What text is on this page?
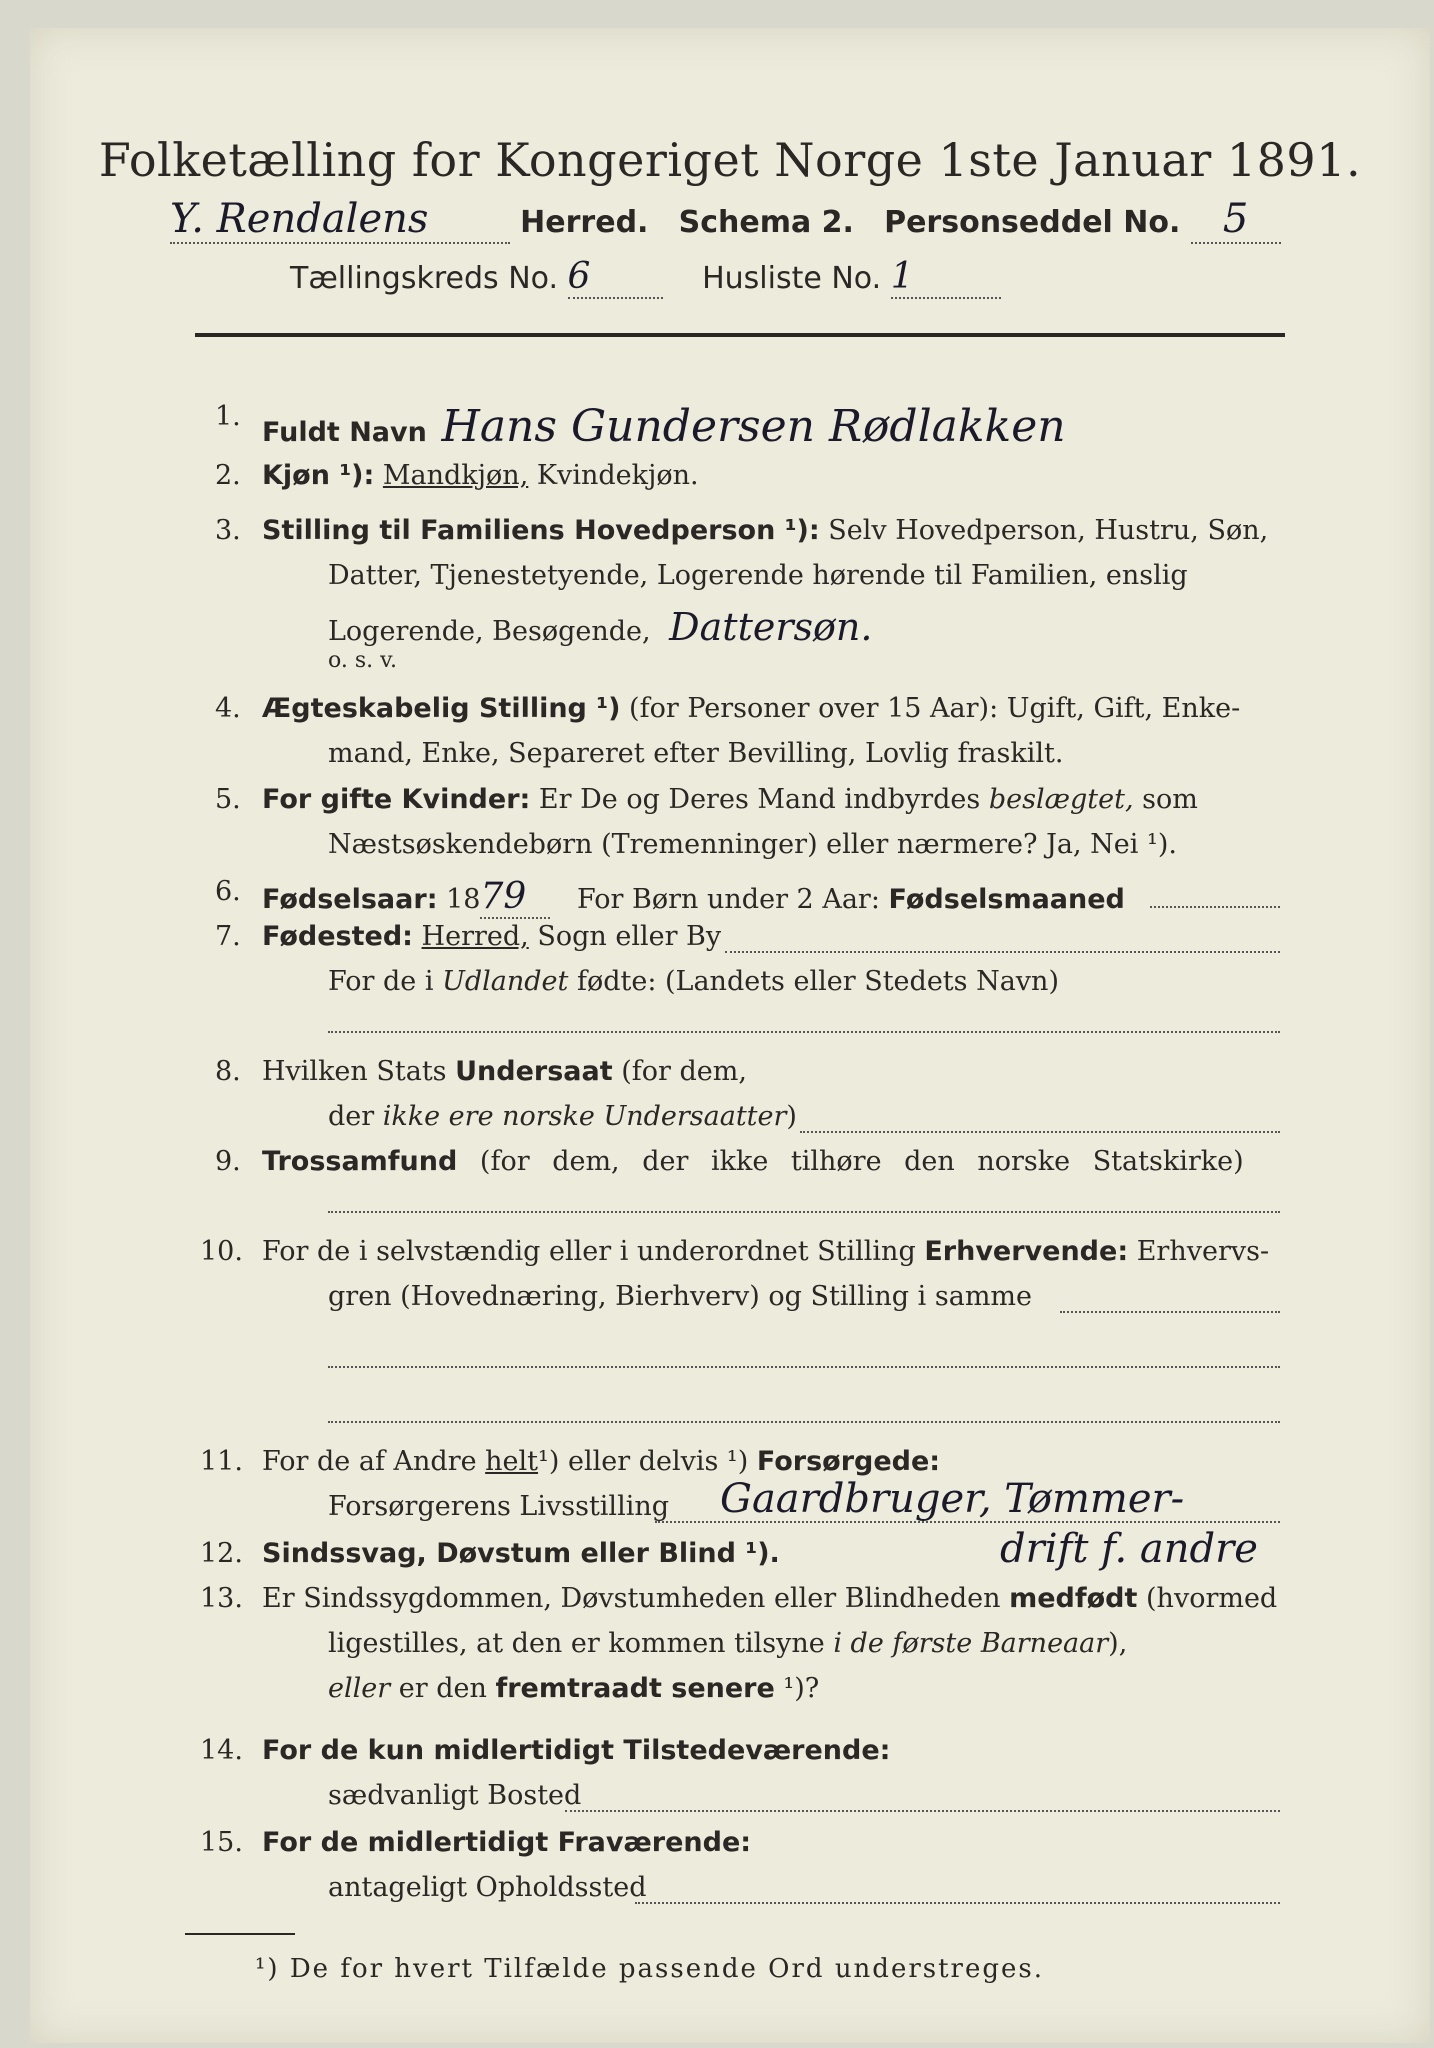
Folketælling for Kongeriget Norge 1ste Januar 1891.
Y. Rendalens	Herred. Schema 2. Personseddel No. 5
Tællingskreds No. 6	Husliste No. 1
1.
Fuldt Navn Hans Gundersen Rødlakken
2. Kjøn ¹): Mandkjøn, Kvindekjøn.
3. Stilling til Familiens Hovedperson ¹): Selv Hovedperson, Hustru, Søn,
Datter, Tjenestetyende, Logerende hørende til Familien, enslig
Logerende, Besøgende, Dattersøn.
o. s. v.
4. Ægteskabelig Stilling ¹) (for Personer over 15 Aar): Ugift, Gift, Enke-
mand, Enke, Separeret efter Bevilling, Lovlig fraskilt.
5. For gifte Kvinder: Er De og Deres Mand indbyrdes beslægtet, som
Næstsøskendebørn (Tremenninger) eller nærmere? Ja, Nei ¹).
6. Fødselsaar: 1879 For Børn under 2 Aar: Fødselsmaaned
7. Fødested: Herred, Sogn eller By
For de i Udlandet fødte: (Landets eller Stedets Navn)
8. Hvilken Stats Undersaat (for dem,
der ikke ere norske Undersaatter)
9. Trossamfund (for dem, der ikke tilhøre den norske Statskirke)
10. For de i selvstændig eller i underordnet Stilling Erhvervende: Erhvervs-
gren (Hovednæring, Bierhverv) og Stilling i samme
11. For de af Andre helt¹) eller delvis ¹) Forsørgede:
Forsørgerens Livsstilling Gaardbruger, Tømmer-
12. Sindssvag, Døvstum eller Blind ¹).	drift f. andre
13. Er Sindssygdommen, Døvstumheden eller Blindheden medfødt (hvormed
ligestilles, at den er kommen tilsyne i de første Barneaar),
eller er den fremtraadt senere ¹)?
14. For de kun midlertidigt Tilstedeværende:
sædvanligt Bosted
15. For de midlertidigt Fraværende:
antageligt Opholdssted
¹) De for hvert Tilfælde passende Ord understreges.
